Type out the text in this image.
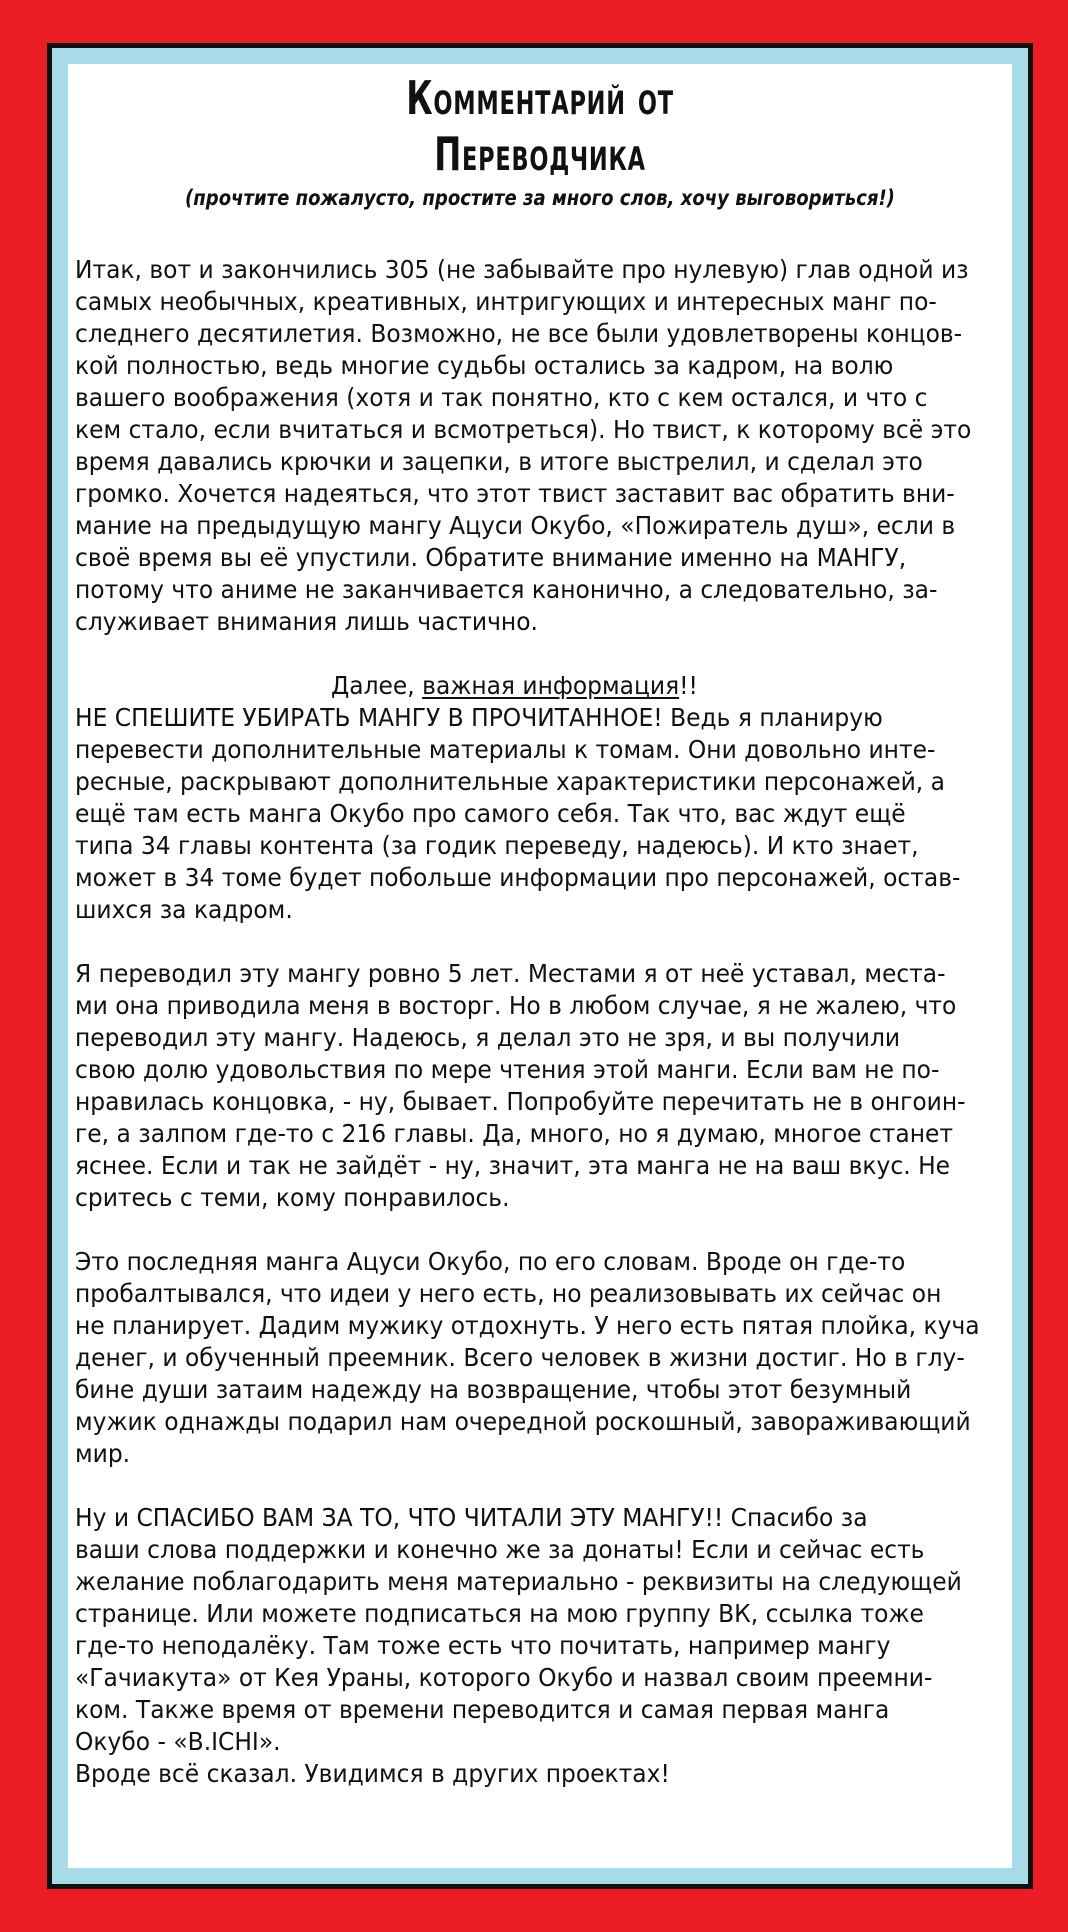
Комментарий от
Переводчика
(прочтите пожалусто, простите за много слов, хочу выговориться!)
Итак, вот и закончились 305 (не забывайте про нулевую) глав одной из
самых необычных, креативных, интригующих и интересных манг по-
следнего десятилетия. Возможно, не все были удовлетворены концов-
кой полностью, ведь многие судьбы остались за кадром, на волю
вашего воображения (хотя и так понятно, кто с кем остался, и что с
кем стало, если вчитаться и всмотреться). Но твист, к которому всё это
время давались крючки и зацепки, в итоге выстрелил, и сделал это
громко. Хочется надеяться, что этот твист заставит вас обратить вни-
мание на предыдущую мангу Ацуси Окубо, «Пожиратель душ», если в
своё время вы её упустили. Обратите внимание именно на МАНГУ,
потому что аниме не заканчивается канонично, а следовательно, за-
служивает внимания лишь частично.
Далее, важная информация!!
НЕ СПЕШИТЕ УБИРАТЬ МАНГУ В ПРОЧИТАННОЕ! Ведь я планирую
перевести дополнительные материалы к томам. Они довольно инте-
ресные, раскрывают дополнительные характеристики персонажей, а
ещё там есть манга Окубо про самого себя. Так что, вас ждут ещё
типа 34 главы контента (за годик переведу, надеюсь). И кто знает,
может в 34 томе будет побольше информации про персонажей, остав-
шихся за кадром.
Я переводил эту мангу ровно 5 лет. Местами я от неё уставал, места-
ми она приводила меня в восторг. Но в любом случае, я не жалею, что
переводил эту мангу. Надеюсь, я делал это не зря, и вы получили
свою долю удовольствия по мере чтения этой манги. Если вам не по-
нравилась концовка, - ну, бывает. Попробуйте перечитать не в онгоин-
ге, а залпом где-то с 216 главы. Да, много, но я думаю, многое станет
яснее. Если и так не зайдёт - ну, значит, эта манга не на ваш вкус. Не
сритесь с теми, кому понравилось.
Это последняя манга Ацуси Окубо, по его словам. Вроде он где-то
пробалтывался, что идеи у него есть, но реализовывать их сейчас он
не планирует. Дадим мужику отдохнуть. У него есть пятая плойка, куча
денег, и обученный преемник. Всего человек в жизни достиг. Но в глу-
бине души затаим надежду на возвращение, чтобы этот безумный
мужик однажды подарил нам очередной роскошный, завораживающий
мир.
Ну и СПАСИБО ВАМ ЗА ТО, ЧТО ЧИТАЛИ ЭТУ МАНГУ!! Спасибо за
ваши слова поддержки и конечно же за донаты! Если и сейчас есть
желание поблагодарить меня материально - реквизиты на следующей
странице. Или можете подписаться на мою группу ВК, ссылка тоже
где-то неподалёку. Там тоже есть что почитать, например мангу
«Гачиакута» от Кея Ураны, которого Окубо и назвал своим преемни-
ком. Также время от времени переводится и самая первая манга
Окубо - «B.ICHI».
Вроде всё сказал. Увидимся в других проектах!
